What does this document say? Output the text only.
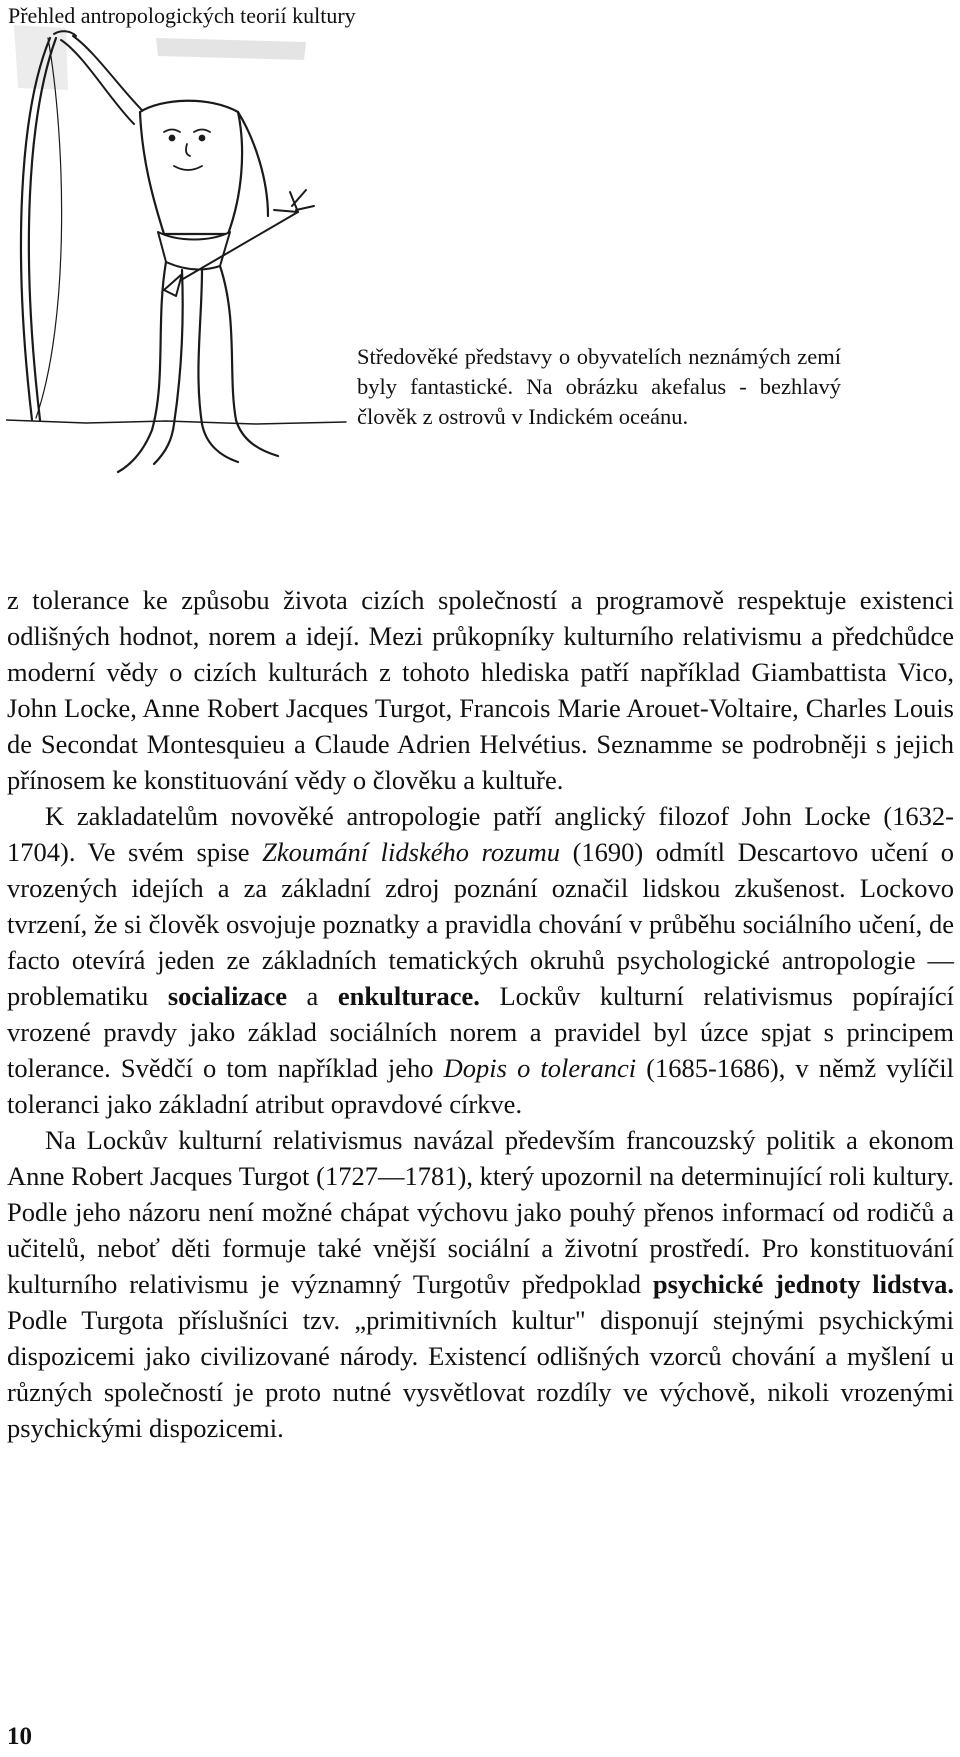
Přehled antropologických teorií kultury
Středověké představy o obyvatelích neznámých zemí byly fantastické. Na obrázku akefalus - bezhlavý člověk z ostrovů v Indickém oceánu.

z tolerance ke způsobu života cizích společností a programově respektuje existenci odlišných hodnot, norem a idejí. Mezi průkopníky kulturního relativismu a předchůdce moderní vědy o cizích kulturách z tohoto hlediska patří například Giambattista Vico, John Locke, Anne Robert Jacques Turgot, Francois Marie Arouet-Voltaire, Charles Louis de Secondat Montesquieu a Claude Adrien Helvétius. Seznamme se podrobněji s jejich přínosem ke konstituování vědy o člověku a kultuře.

K zakladatelům novověké antropologie patří anglický filozof John Locke (1632-1704). Ve svém spise Zkoumání lidského rozumu (1690) odmítl Descartovo učení o vrozených idejích a za základní zdroj poznání označil lidskou zkušenost. Lockovo tvrzení, že si člověk osvojuje poznatky a pravidla chování v průběhu sociálního učení, de facto otevírá jeden ze základních tematických okruhů psychologické antropologie — problematiku socializace a enkulturace. Lockův kulturní relativismus popírající vrozené pravdy jako základ sociálních norem a pravidel byl úzce spjat s principem tolerance. Svědčí o tom například jeho Dopis o toleranci (1685-1686), v němž vylíčil toleranci jako základní atribut opravdové církve.

Na Lockův kulturní relativismus navázal především francouzský politik a ekonom Anne Robert Jacques Turgot (1727—1781), který upozornil na determinující roli kultury. Podle jeho názoru není možné chápat výchovu jako pouhý přenos informací od rodičů a učitelů, neboť děti formuje také vnější sociální a životní prostředí. Pro konstituování kulturního relativismu je významný Turgotův předpoklad psychické jednoty lidstva. Podle Turgota příslušníci tzv. „primitivních kultur" disponují stejnými psychickými dispozicemi jako civilizované národy. Existencí odlišných vzorců chování a myšlení u různých společností je proto nutné vysvětlovat rozdíly ve výchově, nikoli vrozenými psychickými dispozicemi.

10
